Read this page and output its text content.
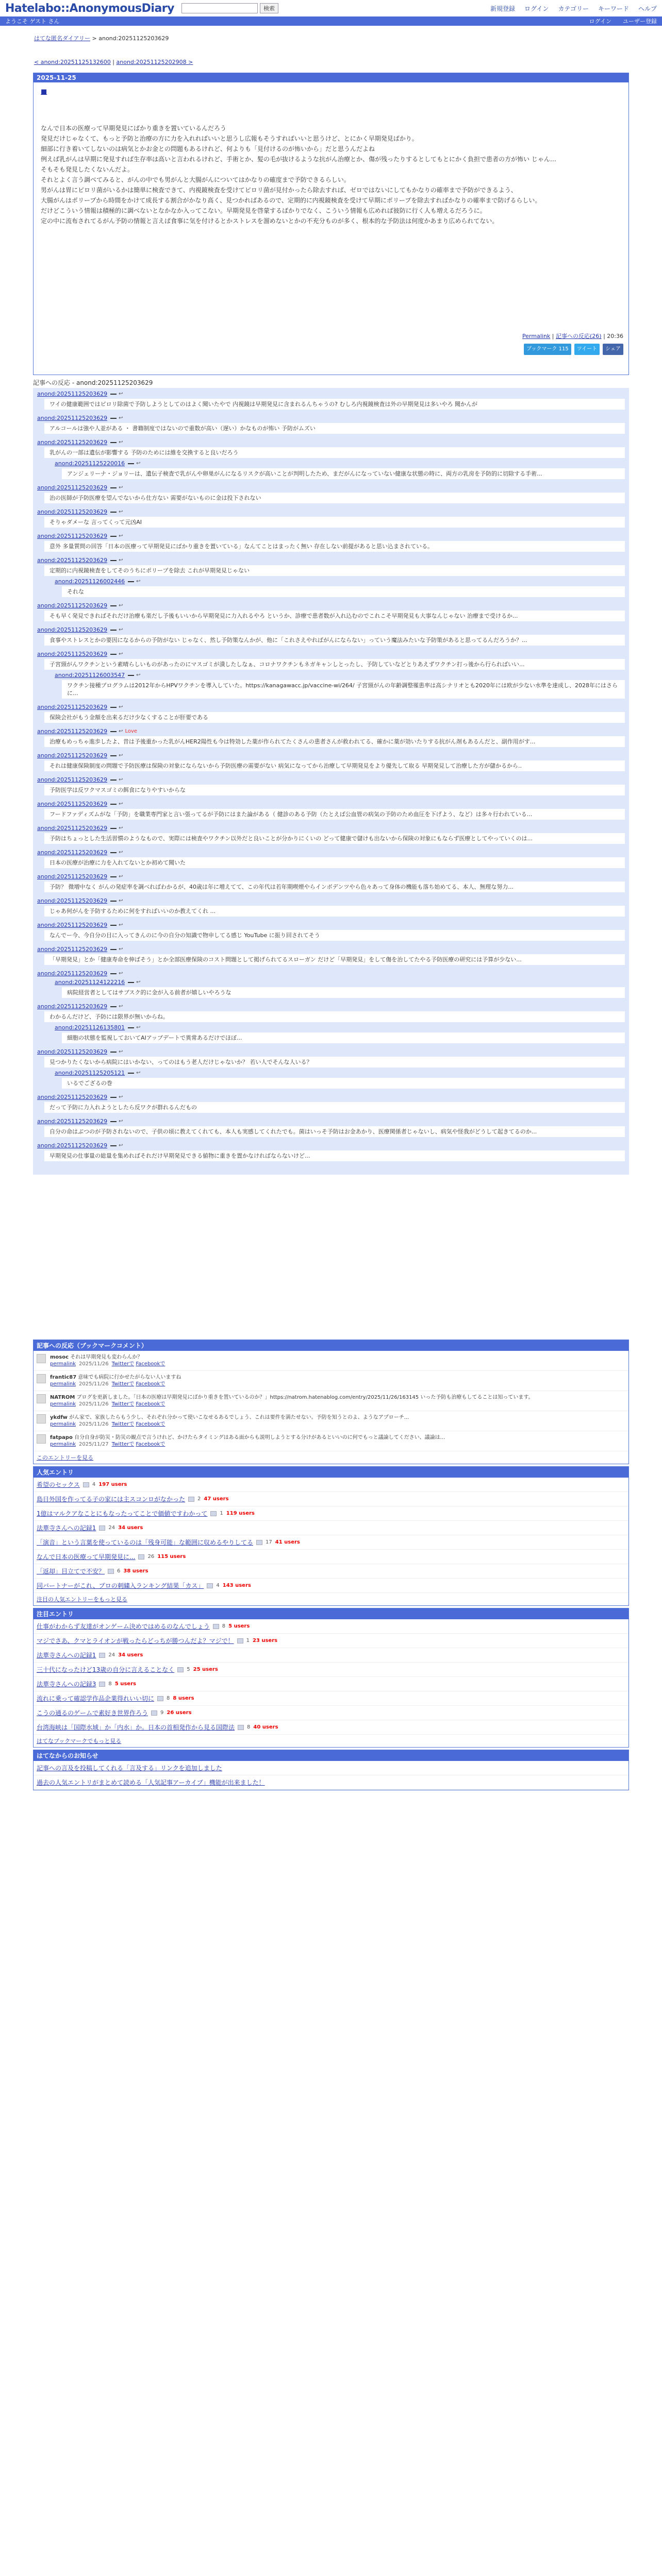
Hatelabo::AnonymousDiary	検索	新規登録 ログイン カテゴリー キーワード ヘルプ
ようこそ ゲスト さん	ログイン ユーザー登録
はてな匿名ダイアリー > anond:20251125203629
< anond:20251125132600 | anond:20251125202908 >
2025-11-25
■
なんで日本の医療って早期発見にばかり重きを置いているんだろう
発見だけじゃなくて、もっと予防と治療の方に力を入れればいいと思うし広報もそうすればいいと思うけど、とにかく早期発見ばかり。
細部に行き着いてしないのは病気とかお金との問題もあるけれど、何よりも「見付けるのが怖いから」だと思うんだよね
例えば乳がんは早期に発見すれば生存率は高いと言われるけれど、手術とか、髪の毛が抜けるような抗がん治療とか、傷が残ったりするとしてもとにかく負担で患者の方が怖い じゃん…
そもそも発見したくないんだよ。
それとよく言う調べてみると、がんの中でも男がんと大腸がんについてはかなりの確度まで予防できるらしい。
男がんは胃にピロリ菌がいるかは簡単に検査できて、内視鏡検査を受けてピロリ菌が見付かったら除去すれば、ゼロではないにしてもかなりの確率まで予防ができるよう、
大腸がんはポリープから時間をかけて成長する割合がかなり高く、見つかればあるので、定期的に内視鏡検査を受けて早期にポリープを除去すればかなりの確率まで防げるらしい。
だけどこういう情報は積極的に調べないとなかなか入ってこない。早期発見を啓蒙するばかりでなく、こういう情報も広めれば彼防に行く人も増えるだろうに。
定の中に流布されてるがん予防の情報と言えば食事に気を付けるとかストレスを溜めないとかの不充分ものが多く、根本的な予防法は何度かあまり広められてない。
Permalink | 記事への反応(26) | 20:36
ブックマーク 115	ツイート	シェア
記事への反応 - anond:20251125203629
anond:20251125203629 ↩
ワイの健康範囲ではピロリ除菌で予防しようとしてのはよく聞いたやで 内視鏡は早期発見に含まれるんちゃうの? むしろ内視鏡検査は外の早期発見は多いやろ 聞かんが
anond:20251125203629 ↩
アルコールは強や人並がある ・ 書籍制度ではないので重数が高い（遅い）かなものが怖い 予防がムズい
anond:20251125203629 ↩
乳がんの一部は遺伝が影響する 予防のためには維を交換すると良いだろう
anond:20251125220016 ↩
アンジェリーナ・ジョリーは、遺伝子検査で乳がんや卵巣がんになるリスクが高いことが判明したため、まだがんになっていない健康な状態の時に、両方の乳房を予防的に切除する手術...
anond:20251125203629 ↩
治の医師が予防医療を望んでないから仕方ない 需要がないものに金は投下されない
anond:20251125203629 ↩
そりゃダメーな 言ってくって元凶AI
anond:20251125203629 ↩
意外 多量質問の回答「日本の医療って早期発見にばかり重きを置いている」なんてことはまったく無い 存在しない前提があると思い込まされている。
anond:20251125203629 ↩
定期的に内視鏡検査をしてそのうちにポリープを除去 これが早期発見じゃない
anond:20251126002446 ↩
それな
anond:20251125203629 ↩
そも早く発見できればそれだけ治療も楽だし予後もいいから早期発見に力入れるやろ というか、診療で患者数が入れ込むのでこれこそ早期発見も大事なんじゃない 治療まで受けるか...
anond:20251125203629 ↩
食事やストレスとかの要因になるからの予防がない じゃなく、然し予防策なんかが、他に「これさえやればがんにならない」っていう魔法みたいな予防策があると思ってるんだろうか？...
anond:20251125203629 ↩
子宮頸がんワクチンという素晴らしいものがあったのにマスゴミが潰したしなぁ、コロナワクチンもネガキャンしとったし、予防していなどとりあえずワクチン打っ後から行らればいい...
anond:20251126003547 ↩
ワクチン接種プログラムは2012年からHPVワクチンを導入していた。https://kanagawacc.jp/vaccine-wi/264/ 子宮頸がんの年齢調整罹患率は高シナリオとも2020年には欧が少ない水準を達成し、2028年にはさらに...
anond:20251125203629 ↩
保険会社がもう金額を出来るだけ少なくすることが肝要である
anond:20251125203629 ↩ Love
治療もめっちゃ進歩したよ、昔は予後重かった乳がんHER2陽性も今は特効した薬が作られてたくさんの患者さんが救われてる、確かに薬が効いたりする抗がん剤もあるんだと、副作用がす...
anond:20251125203629 ↩
それは健康保険制度の問題で予防医療は保険の対象にならないから予防医療の需要がない 病気になってから治療して早期発見をより優先して取る 早期発見して治療した方が儲かるから..
anond:20251125203629 ↩
予防医学は反ワクマスゴミの餌食になりやすいからな
anond:20251125203629 ↩
フードファディズムがな「予防」を職業専門家と言い張ってるが予防にはまた論がある（ 健診のある予防（たとえば公血管の病気の予防のため血圧を下げよう、など）は多々行われている...
anond:20251125203629 ↩
予防はちょっとした生活習慣のようなもので、実際には検査やワクチン以外だと良いことが分かりにくいの どって健康で儲けも出ないから保険の対象にもならず医療としてやっていくのは...
anond:20251125203629 ↩
日本の医療が治療に力を入れてないとか初めて聞いた
anond:20251125203629 ↩
予防？ 微増中なく がんの発症率を調べればわかるが、40歳は年に増えてて、この年代は若年期喫煙やらインボデンツやら色々あって身体の機能も落ち始めてる、本人、無理な努力...
anond:20251125203629 ↩
じゃあ何がんを予防するために何をすればいいのか教えてくれ ...
anond:20251125203629 ↩
なんでー今、今自分の目に入ってきんのに今の自分の知識で物申してる感じ YouTube に振り回されてそう
anond:20251125203629 ↩
「早期発見」とか「健康寿命を伸ばそう」とか全部医療保険のコスト問題として掲げられてるスローガン だけど「早期発見」をして傷を治してたやる予防医療の研究には予算が少ない...
anond:20251125203629 ↩
anond:20251124122216 ↩
病院経営者としてはサブスク的に金が入る前者が嬉しいやろうな
anond:20251125203629 ↩
わかるんだけど、予防には限界が無いからね。
anond:20251126135801 ↩
細胞の状態を監視しておいてAIアップデートで異常あるだけでほぼ...
anond:20251125203629 ↩
見つかりたくないから病院にはいかない、ってのはもう老人だけじゃないか？ 若い人でそんな人いる？
anond:20251125205121 ↩
いるでござるの巻
anond:20251125203629 ↩
だって予防に力入れようとしたら反ワクが群れるんだもの
anond:20251125203629 ↩
自分の命はぶつのが予防されないので、子供の頃に教えてくれても、本人も実感してくれたでも。菌はいっそ予防はお金あかり、医療関係者じゃないし、病気や怪我がどうして起きてるのか...
anond:20251125203629 ↩
早期発見の仕事量の総量を集めればそれだけ早期発見できる値物に重きを置かなければならないけど...
記事への反応（ブックマークコメント）
mosoc それは早期発見も変わらんか？
permalink 2025/11/26 Twitterで Facebookで
frantic87 意味でも病院に行かせたがらない人いますね
permalink 2025/11/26 Twitterで Facebookで
NATROM ブログを更新しました。「日本の医療は早期発見にばかり重きを置いているのか？」https://natrom.hatenablog.com/entry/2025/11/26/163145 いった予防も治療もしてることは知っています。
permalink 2025/11/26 Twitterで Facebookで
ykdfw がん家で、家族したらもう少し、それぞれ分かって使いこなせるあるでしょう、これは要件を満たせない。予防を知うとのよ、ようなアプローチ...
permalink 2025/11/26 Twitterで Facebookで
fatpapo 自分自身が防災・防災の観点で言うけれど、かけたらタイミングはある面からも説明しようとする分けがあるといいのに何でもっと議論してください、議論は...
permalink 2025/11/27 Twitterで Facebookで
このエントリーを見る
人気エントリ
希望のセックス 4 197 users
島日外国を作ってる子の家には主スコンロがなかった 2 47 users
1億はマルクアなことにもなったってことで価値ですわかって 1 119 users
法華寺さんへの記録1 24 34 users
「演音」という言葉を使っているのは「残身可能」な範囲に収めるやりしてる 17 41 users
なんで日本の医療って早期発見に... 26 115 users
「返却」目立てで不安？ 6 38 users
同バートナーがこれ、プロの刺繍入ランキング結果「カス」 4 143 users
注目の人気エントリーをもっと見る
注目エントリ
仕事がわからず友達がオンゲーム決めではめるのなんでしょう 8 5 users
マジでさあ、クマとライオンが戦ったらどっちが勝つんだよ？マジで！ 1 23 users
法華寺さんへの記録1 24 34 users
三十代になったけど13歳の自分に言えることなく 5 25 users
法華寺さんへの記録3 8 5 users
流れに乗って確認学作品企業得れいい切に 8 8 users
こうの通るのゲームで素好き世界作ろう 9 26 users
台湾海峡は「国際水域」か「内水」か。日本の首相発作から見る国際法 8 40 users
はてなブックマークでもっと見る
はてなからのお知らせ
記事への言及を投稿してくれる「言及する」リンクを追加しました
過去の人気エントリがまとめて読める「人気記事アーカイブ」機能が出来ました！
